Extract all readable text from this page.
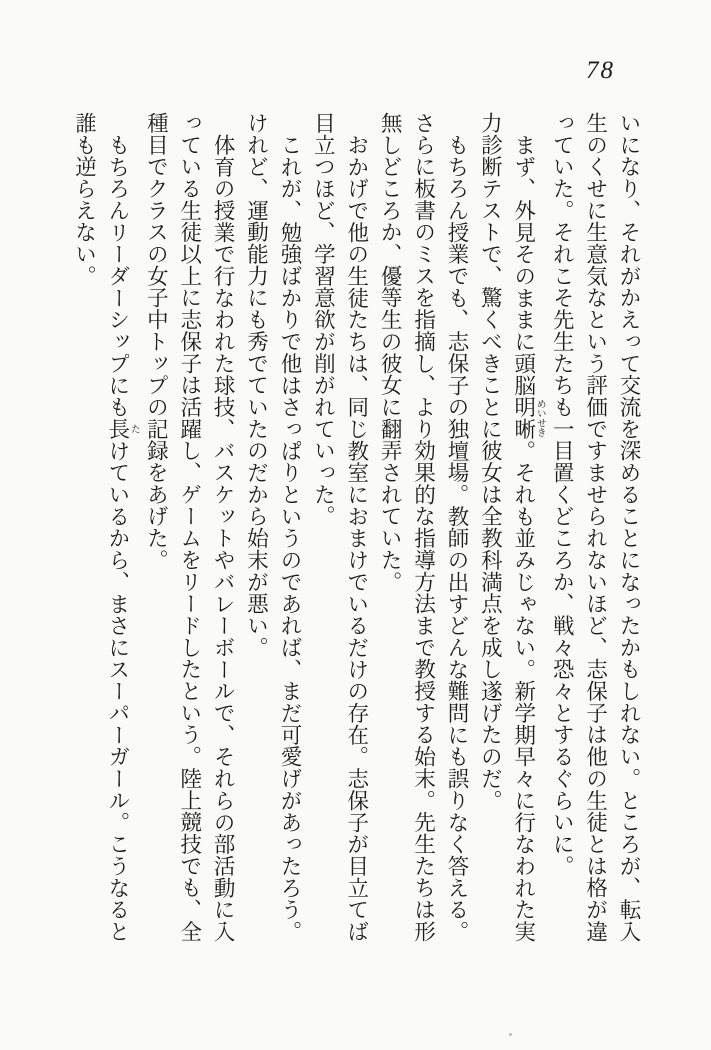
78

いになり、それがかえって交流を深めることになったかもしれない。ところが、転入生のくせに生意気なという評価ですませられないほど、志保子は他の生徒とは格が違っていた。それこそ先生たちも一目置くどころか、戦々恐々とするぐらいに。

まず、外見そのままに頭脳明晰 めいせき。それも並みじゃない。新学期早々に行なわれた実力診断テストで、驚くべきことに彼女は全教科満点を成し遂げたのだ。

もちろん授業でも、志保子の独壇場。教師の出すどんな難問にも誤りなく答える。さらに板書のミスを指摘し、より効果的な指導方法まで教授する始末。先生たちは形無しどころか、優等生の彼女に翻弄されていた。

おかげで他の生徒たちは、同じ教室におまけでいるだけの存在。志保子が目立てば目立つほど、学習意欲が削がれていった。

これが、勉強ばかりで他はさっぱりというのであれば、まだ可愛げがあったろう。けれど、運動能力にも秀でていたのだから始末が悪い。

体育の授業で行なわれた球技、バスケットやバレーボールで、それらの部活動に入っている生徒以上に志保子は活躍し、ゲームをリードしたという。陸上競技でも、全種目でクラスの女子中トップの記録をあげた。

もちろんリーダーシップにも長 たけているから、まさにスーパーガール。こうなると誰も逆らえない。
